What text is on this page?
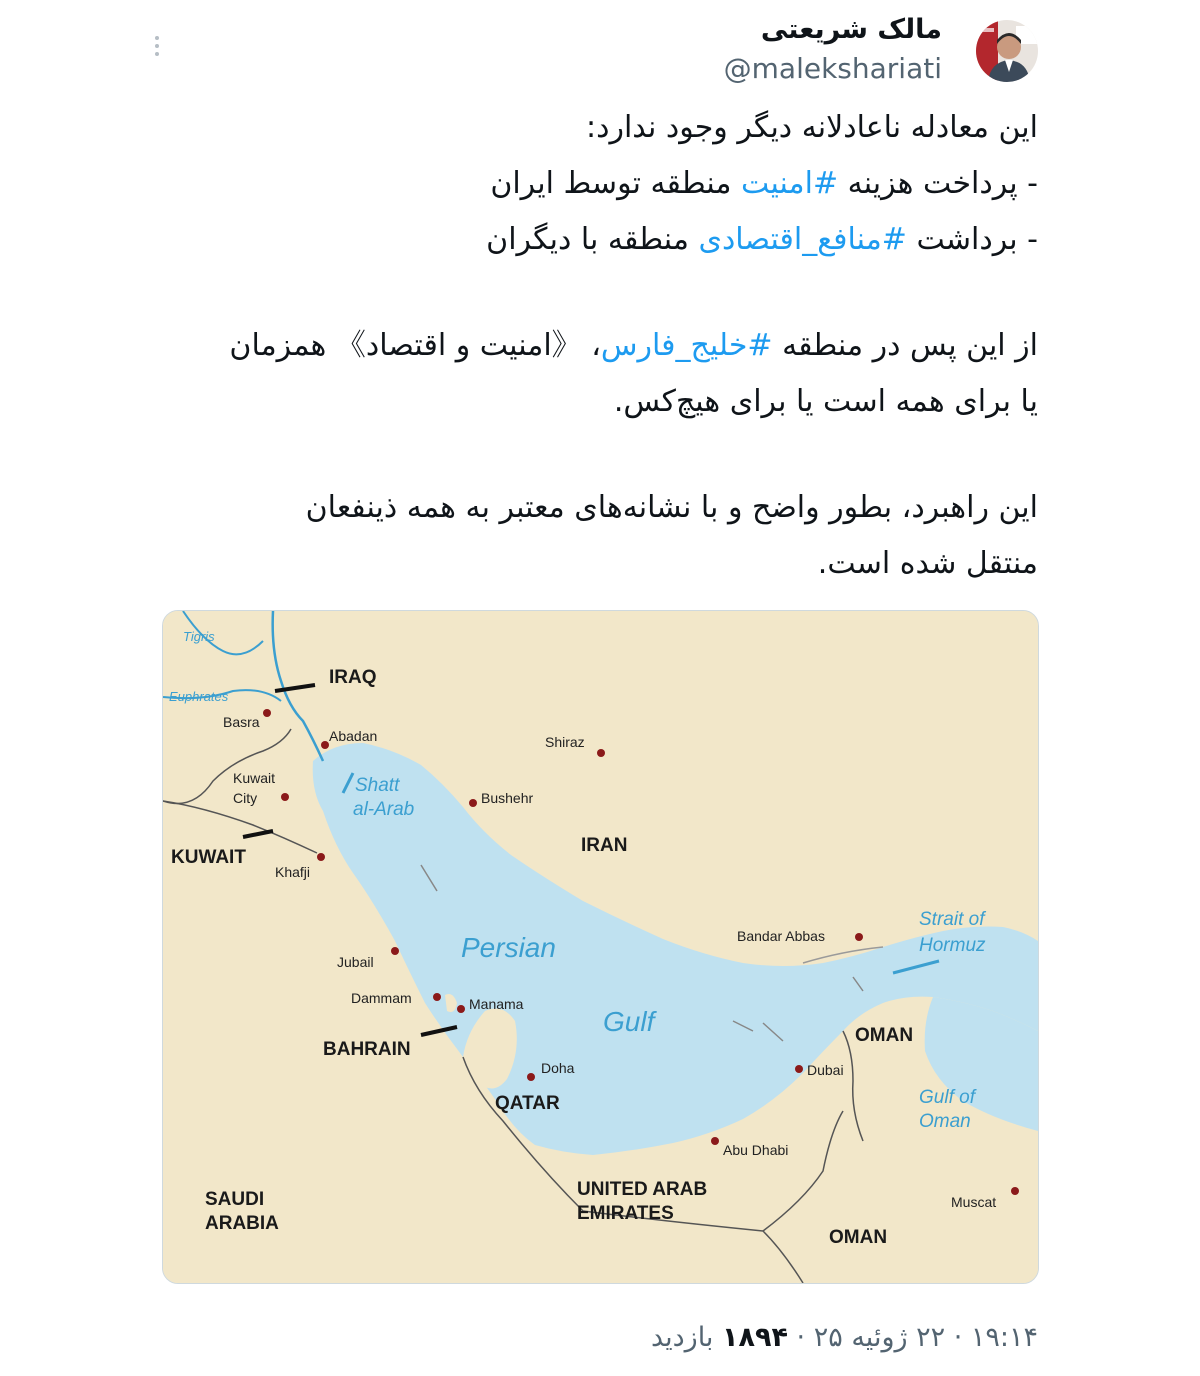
مالک شریعتی
@malekshariati

این معادله ناعادلانه دیگر وجود ندارد:

- پرداخت هزینه #امنیت منطقه توسط ایران

- برداشت #منافع_اقتصادی منطقه با دیگران

از این پس در منطقه #خلیج_فارس، 《امنیت و اقتصاد》 همزمان

یا برای همه است یا برای هیچ‌کس.

این راهبرد، بطور واضح و با نشانه‌های معتبر به همه ذینفعان

منتقل شده است.

Tigris
Euphrates
Shatt
al-Arab
Persian
Gulf
Strait of
Hormuz
Gulf of
Oman
IRAQ
KUWAIT
IRAN
BAHRAIN
QATAR
OMAN
OMAN
SAUDI
ARABIA
UNITED ARAB
EMIRATES
Basra
Abadan	Shiraz
Kuwait
City	Bushehr
Khafji
Jubail
Dammam	Manama
Doha
Bandar Abbas
Dubai
Abu Dhabi
Muscat
۱۹:۱۴ · ۲۲ ژوئیه ۲۵ · ۱۸۹۴ بازدید
